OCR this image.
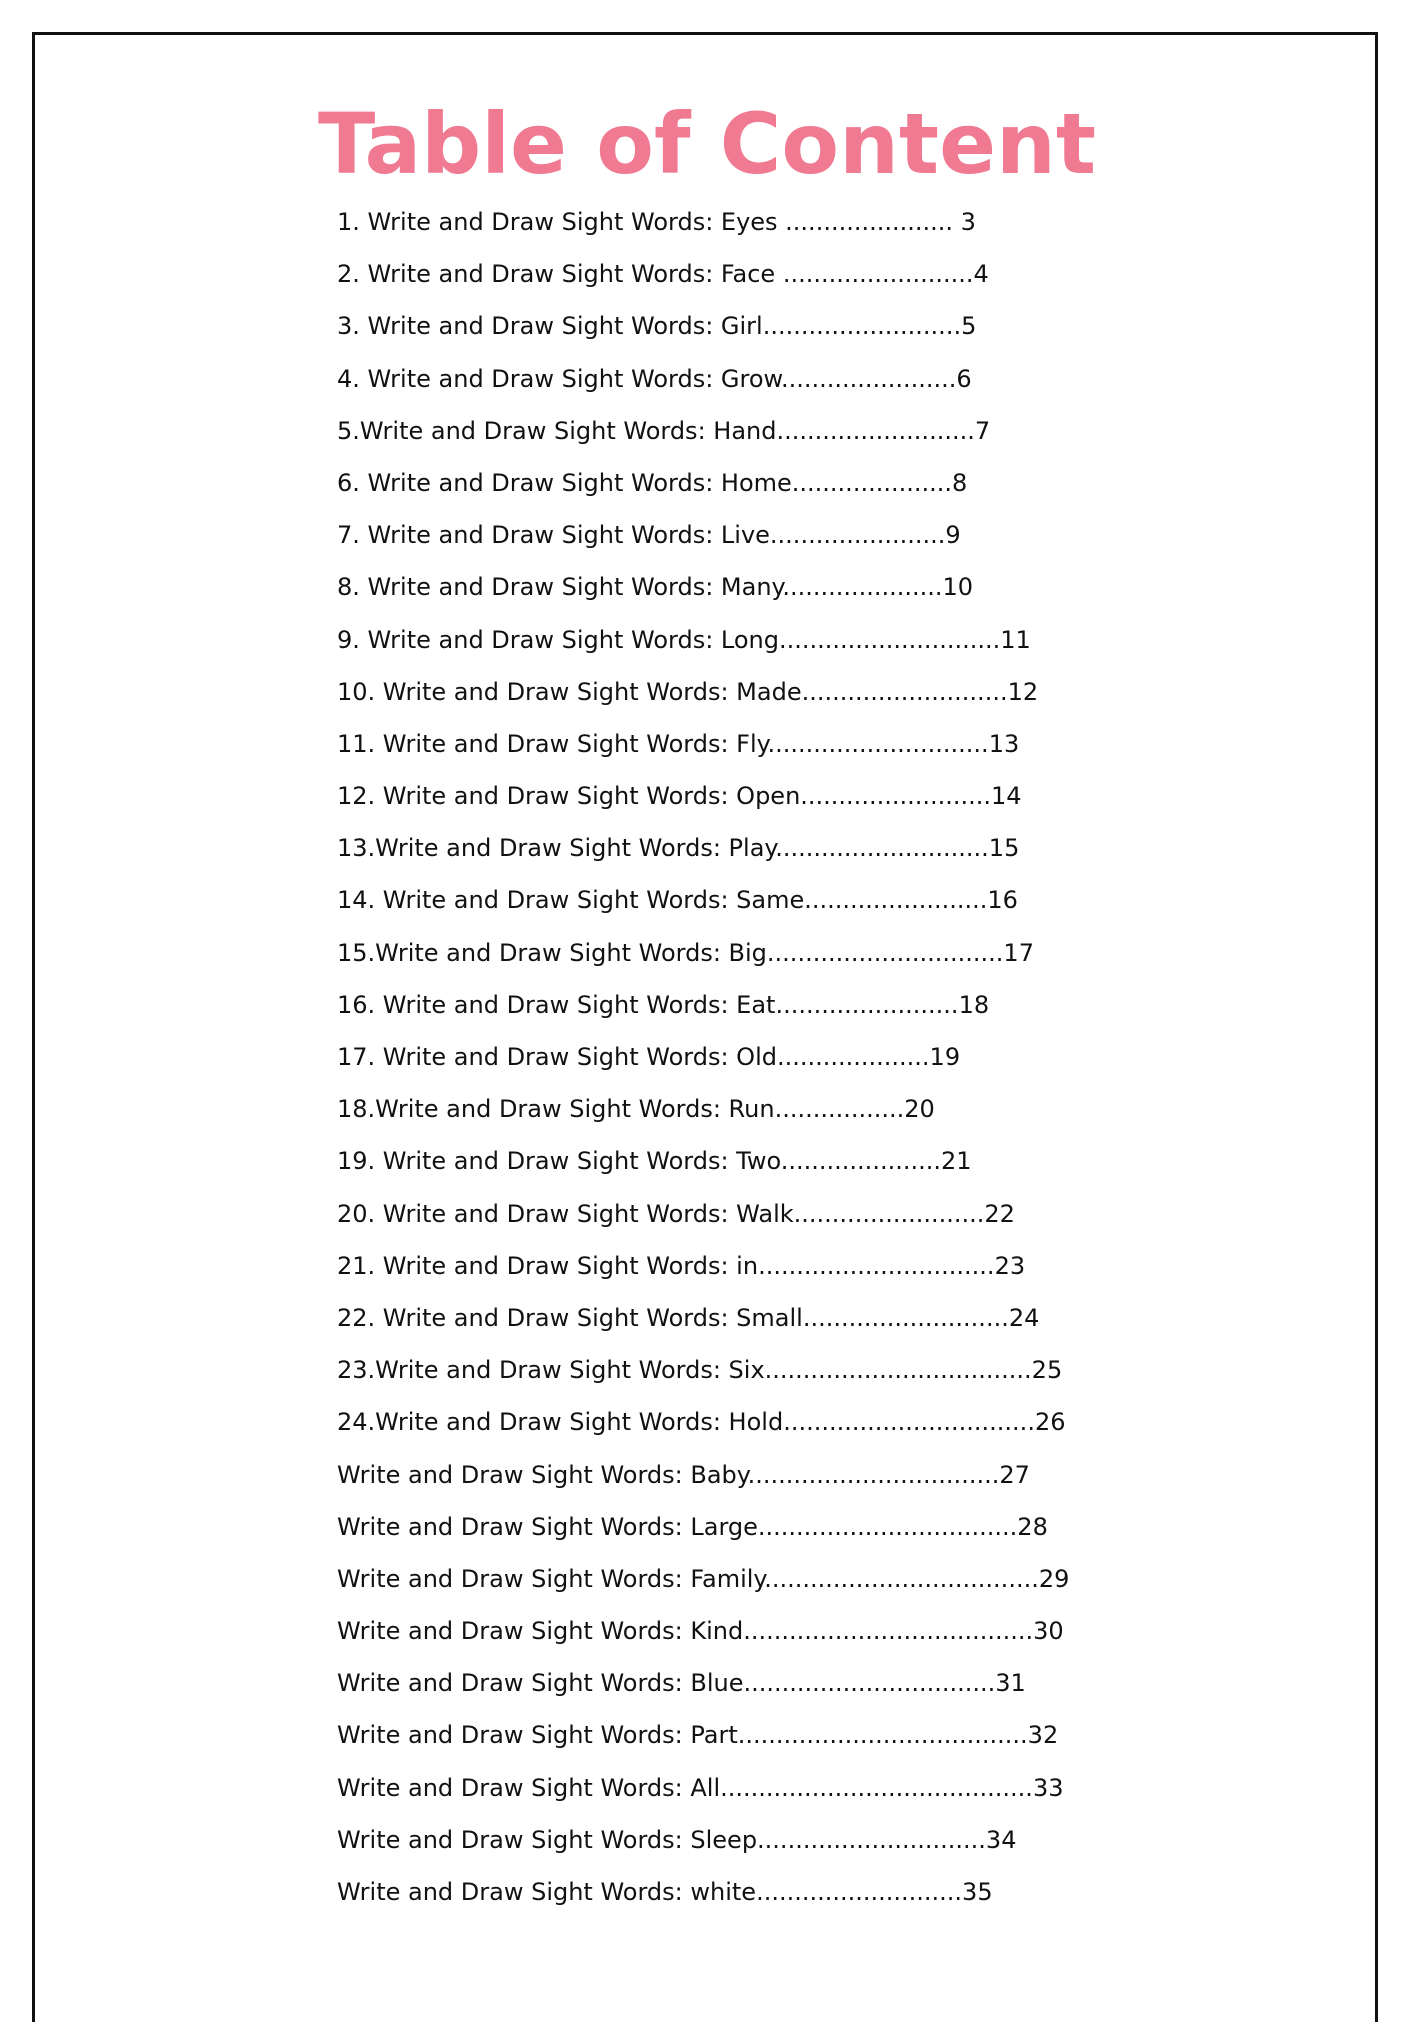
Table of Content
1. Write and Draw Sight Words: Eyes ...................... 3
2. Write and Draw Sight Words: Face .........................4
3. Write and Draw Sight Words: Girl..........................5
4. Write and Draw Sight Words: Grow.......................6
5.Write and Draw Sight Words: Hand..........................7
6. Write and Draw Sight Words: Home.....................8
7. Write and Draw Sight Words: Live.......................9
8. Write and Draw Sight Words: Many.....................10
9. Write and Draw Sight Words: Long.............................11
10. Write and Draw Sight Words: Made...........................12
11. Write and Draw Sight Words: Fly.............................13
12. Write and Draw Sight Words: Open.........................14
13.Write and Draw Sight Words: Play............................15
14. Write and Draw Sight Words: Same........................16
15.Write and Draw Sight Words: Big...............................17
16. Write and Draw Sight Words: Eat........................18
17. Write and Draw Sight Words: Old....................19
18.Write and Draw Sight Words: Run.................20
19. Write and Draw Sight Words: Two.....................21
20. Write and Draw Sight Words: Walk.........................22
21. Write and Draw Sight Words: in...............................23
22. Write and Draw Sight Words: Small...........................24
23.Write and Draw Sight Words: Six...................................25
24.Write and Draw Sight Words: Hold.................................26
Write and Draw Sight Words: Baby.................................27
Write and Draw Sight Words: Large..................................28
Write and Draw Sight Words: Family....................................29
Write and Draw Sight Words: Kind......................................30
Write and Draw Sight Words: Blue.................................31
Write and Draw Sight Words: Part......................................32
Write and Draw Sight Words: All.........................................33
Write and Draw Sight Words: Sleep..............................34
Write and Draw Sight Words: white...........................35
